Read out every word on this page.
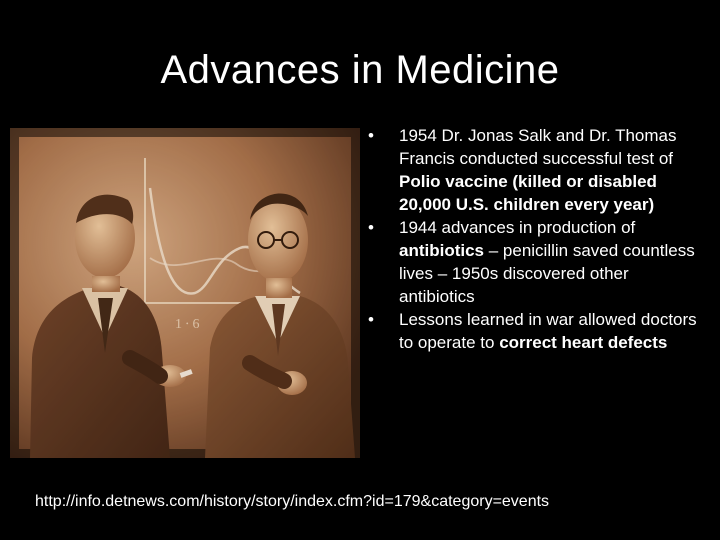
Advances in Medicine
1 ∙ 6
• 1954 Dr. Jonas Salk and Dr. Thomas Francis conducted successful test of Polio vaccine (killed or disabled 20,000 U.S. children every year)
• 1944 advances in production of antibiotics – penicillin saved countless lives – 1950s discovered other antibiotics
• Lessons learned in war allowed doctors to operate to correct heart defects
http://info.detnews.com/history/story/index.cfm?id=179&category=events
